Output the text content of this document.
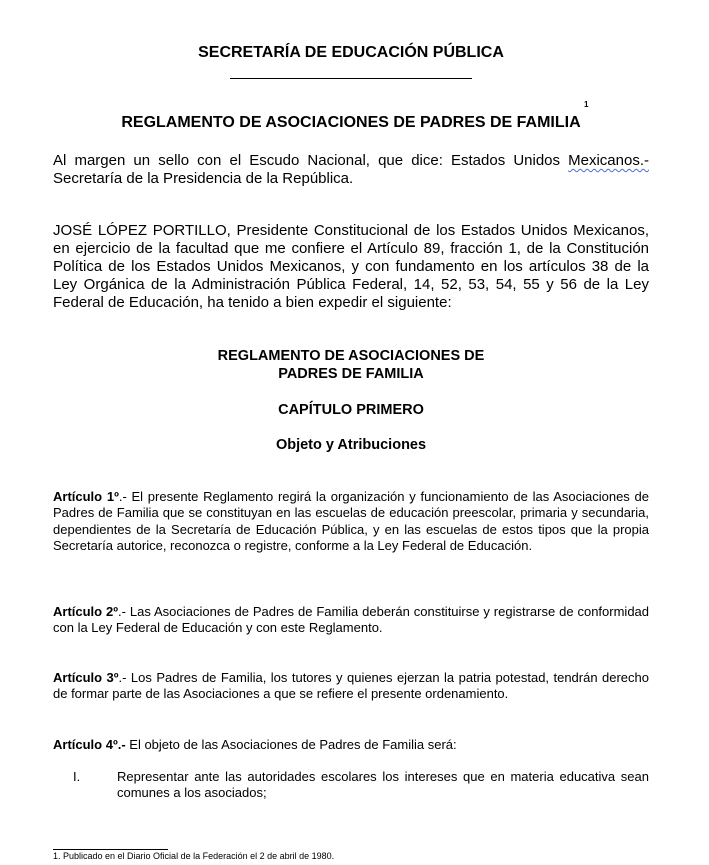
SECRETARÍA DE EDUCACIÓN PÚBLICA
1
REGLAMENTO DE ASOCIACIONES DE PADRES DE FAMILIA
Al margen un sello con el Escudo Nacional, que dice: Estados Unidos Mexicanos.- Secretaría de la Presidencia de la República.
JOSÉ LÓPEZ PORTILLO, Presidente Constitucional de los Estados Unidos Mexicanos, en ejercicio de la facultad que me confiere el Artículo 89, fracción 1, de la Constitución Política de los Estados Unidos Mexicanos, y con fundamento en los artículos 38 de la Ley Orgánica de la Administración Pública Federal, 14, 52, 53, 54, 55 y 56 de la Ley Federal de Educación, ha tenido a bien expedir el siguiente:
REGLAMENTO DE ASOCIACIONES DE
PADRES DE FAMILIA
CAPÍTULO PRIMERO
Objeto y Atribuciones
Artículo 1º.- El presente Reglamento regirá la organización y funcionamiento de las Asociaciones de Padres de Familia que se constituyan en las escuelas de educación preescolar, primaria y secundaria, dependientes de la Secretaría de Educación Pública, y en las escuelas de estos tipos que la propia Secretaría autorice, reconozca o registre, conforme a la Ley Federal de Educación.
Artículo 2º.- Las Asociaciones de Padres de Familia deberán constituirse y registrarse de conformidad con la Ley Federal de Educación y con este Reglamento.
Artículo 3º.- Los Padres de Familia, los tutores y quienes ejerzan la patria potestad, tendrán derecho de formar parte de las Asociaciones a que se refiere el presente ordenamiento.
Artículo 4º.- El objeto de las Asociaciones de Padres de Familia será:
I.	Representar ante las autoridades escolares los intereses que en materia educativa sean comunes a los asociados;
1. Publicado en el Diario Oficial de la Federación el 2 de abril de 1980.
